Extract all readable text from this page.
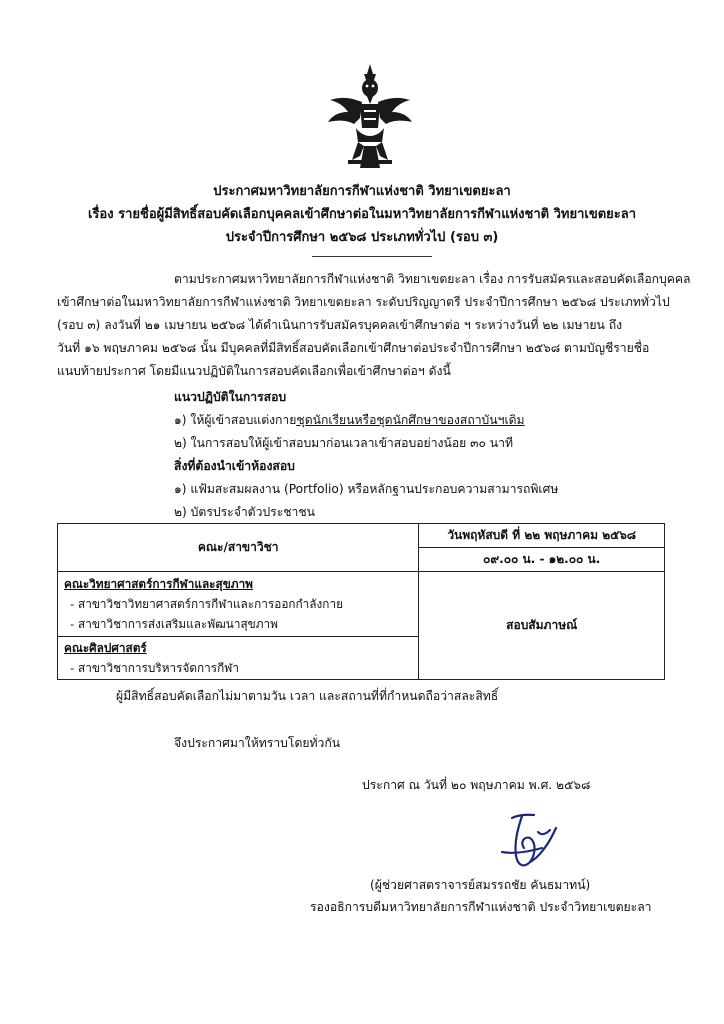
ประกาศมหาวิทยาลัยการกีฬาแห่งชาติ วิทยาเขตยะลา
เรื่อง รายชื่อผู้มีสิทธิ์สอบคัดเลือกบุคคลเข้าศึกษาต่อในมหาวิทยาลัยการกีฬาแห่งชาติ วิทยาเขตยะลา
ประจำปีการศึกษา ๒๕๖๘ ประเภททั่วไป (รอบ ๓)
ตามประกาศมหาวิทยาลัยการกีฬาแห่งชาติ วิทยาเขตยะลา เรื่อง การรับสมัครและสอบคัดเลือกบุคคล
เข้าศึกษาต่อในมหาวิทยาลัยการกีฬาแห่งชาติ วิทยาเขตยะลา ระดับปริญญาตรี ประจำปีการศึกษา ๒๕๖๘ ประเภททั่วไป
(รอบ ๓) ลงวันที่ ๒๑ เมษายน ๒๕๖๘ ได้ดำเนินการรับสมัครบุคคลเข้าศึกษาต่อ ฯ ระหว่างวันที่ ๒๒ เมษายน ถึง
วันที่ ๑๖ พฤษภาคม ๒๕๖๘ นั้น มีบุคคลที่มีสิทธิ์สอบคัดเลือกเข้าศึกษาต่อประจำปีการศึกษา ๒๕๖๘ ตามบัญชีรายชื่อ
แนบท้ายประกาศ โดยมีแนวปฏิบัติในการสอบคัดเลือกเพื่อเข้าศึกษาต่อฯ ดังนี้
แนวปฏิบัติในการสอบ
๑) ให้ผู้เข้าสอบแต่งกายชุดนักเรียนหรือชุดนักศึกษาของสถาบันฯเดิม
๒) ในการสอบให้ผู้เข้าสอบมาก่อนเวลาเข้าสอบอย่างน้อย ๓๐ นาที
สิ่งที่ต้องนำเข้าห้องสอบ
๑) แฟ้มสะสมผลงาน (Portfolio) หรือหลักฐานประกอบความสามารถพิเศษ
๒) บัตรประจำตัวประชาชน
คณะ/สาขาวิชา	วันพฤหัสบดี ที่ ๒๒ พฤษภาคม ๒๕๖๘
	๐๙.๐๐ น. - ๑๒.๐๐ น.

คณะวิทยาศาสตร์การกีฬาและสุขภาพ
- สาขาวิชาวิทยาศาสตร์การกีฬาและการออกกำลังกาย
- สาขาวิชาการส่งเสริมและพัฒนาสุขภาพ	สอบสัมภาษณ์

คณะศิลปศาสตร์
- สาขาวิชาการบริหารจัดการกีฬา	
ผู้มีสิทธิ์สอบคัดเลือกไม่มาตามวัน เวลา และสถานที่ที่กำหนดถือว่าสละสิทธิ์
จึงประกาศมาให้ทราบโดยทั่วกัน
ประกาศ ณ วันที่ ๒๐ พฤษภาคม พ.ศ. ๒๕๖๘
(ผู้ช่วยศาสตราจารย์สมรรถชัย คันธมาทน์)
รองอธิการบดีมหาวิทยาลัยการกีฬาแห่งชาติ ประจำวิทยาเขตยะลา
